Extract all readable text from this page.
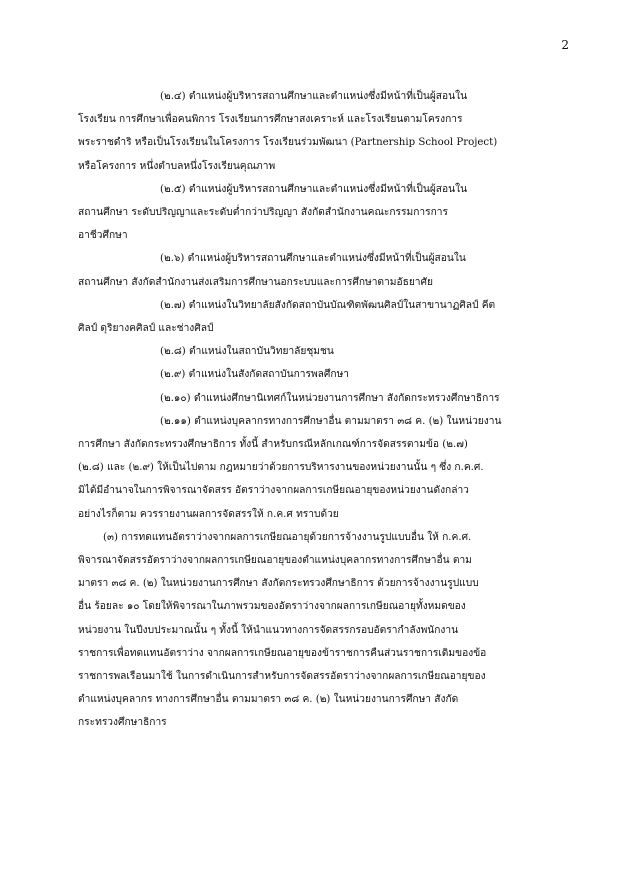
2
(๒.๔) ตำแหน่งผู้บริหารสถานศึกษาและตำแหน่งซึ่งมีหน้าที่เป็นผู้สอนใน
โรงเรียน การศึกษาเพื่อคนพิการ โรงเรียนการศึกษาสงเคราะห์ และโรงเรียนตามโครงการ
พระราชดำริ หรือเป็นโรงเรียนในโครงการ โรงเรียนร่วมพัฒนา (Partnership School Project)
หรือโครงการ หนึ่งตำบลหนึ่งโรงเรียนคุณภาพ
(๒.๕) ตำแหน่งผู้บริหารสถานศึกษาและตำแหน่งซึ่งมีหน้าที่เป็นผู้สอนใน
สถานศึกษา ระดับปริญญาและระดับต่ำกว่าปริญญา สังกัดสำนักงานคณะกรรมการการ
อาชีวศึกษา
(๒.๖) ตำแหน่งผู้บริหารสถานศึกษาและตำแหน่งซึ่งมีหน้าที่เป็นผู้สอนใน
สถานศึกษา สังกัดสำนักงานส่งเสริมการศึกษานอกระบบและการศึกษาตามอัธยาศัย
(๒.๗) ตำแหน่งในวิทยาลัยสังกัดสถาบันบัณฑิตพัฒนศิลป์ในสาขานาฏศิลป์ คีต
ศิลป์ ดุริยางคศิลป์ และช่างศิลป์
(๒.๘) ตำแหน่งในสถาบันวิทยาลัยชุมชน
(๒.๙) ตำแหน่งในสังกัดสถาบันการพลศึกษา
(๒.๑๐) ตำแหน่งศึกษานิเทศก์ในหน่วยงานการศึกษา สังกัดกระทรวงศึกษาธิการ
(๒.๑๑) ตำแหน่งบุคลากรทางการศึกษาอื่น ตามมาตรา ๓๘ ค. (๒) ในหน่วยงาน
การศึกษา สังกัดกระทรวงศึกษาธิการ ทั้งนี้ สำหรับกรณีหลักเกณฑ์การจัดสรรตามข้อ (๒.๗)
(๒.๘) และ (๒.๙) ให้เป็นไปตาม กฎหมายว่าด้วยการบริหารงานของหน่วยงานนั้น ๆ ซึ่ง ก.ค.ศ.
มิได้มีอำนาจในการพิจารณาจัดสรร อัตราว่างจากผลการเกษียณอายุของหน่วยงานดังกล่าว
อย่างไรก็ตาม ควรรายงานผลการจัดสรรให้ ก.ค.ศ ทราบด้วย
(๓) การทดแทนอัตราว่างจากผลการเกษียณอายุด้วยการจ้างงานรูปแบบอื่น ให้ ก.ค.ศ.
พิจารณาจัดสรรอัตราว่างจากผลการเกษียณอายุของตำแหน่งบุคลากรทางการศึกษาอื่น ตาม
มาตรา ๓๘ ค. (๒) ในหน่วยงานการศึกษา สังกัดกระทรวงศึกษาธิการ ด้วยการจ้างงานรูปแบบ
อื่น ร้อยละ ๑๐ โดยให้พิจารณาในภาพรวมของอัตราว่างจากผลการเกษียณอายุทั้งหมดของ
หน่วยงาน ในปีงบประมาณนั้น ๆ ทั้งนี้ ให้นำแนวทางการจัดสรรกรอบอัตรากำลังพนักงาน
ราชการเพื่อทดแทนอัตราว่าง จากผลการเกษียณอายุของข้าราชการคืนส่วนราชการเดิมของข้อ
ราชการพลเรือนมาใช้ ในการดำเนินการสำหรับการจัดสรรอัตราว่างจากผลการเกษียณอายุของ
ตำแหน่งบุคลากร ทางการศึกษาอื่น ตามมาตรา ๓๘ ค. (๒) ในหน่วยงานการศึกษา สังกัด
กระทรวงศึกษาธิการ
